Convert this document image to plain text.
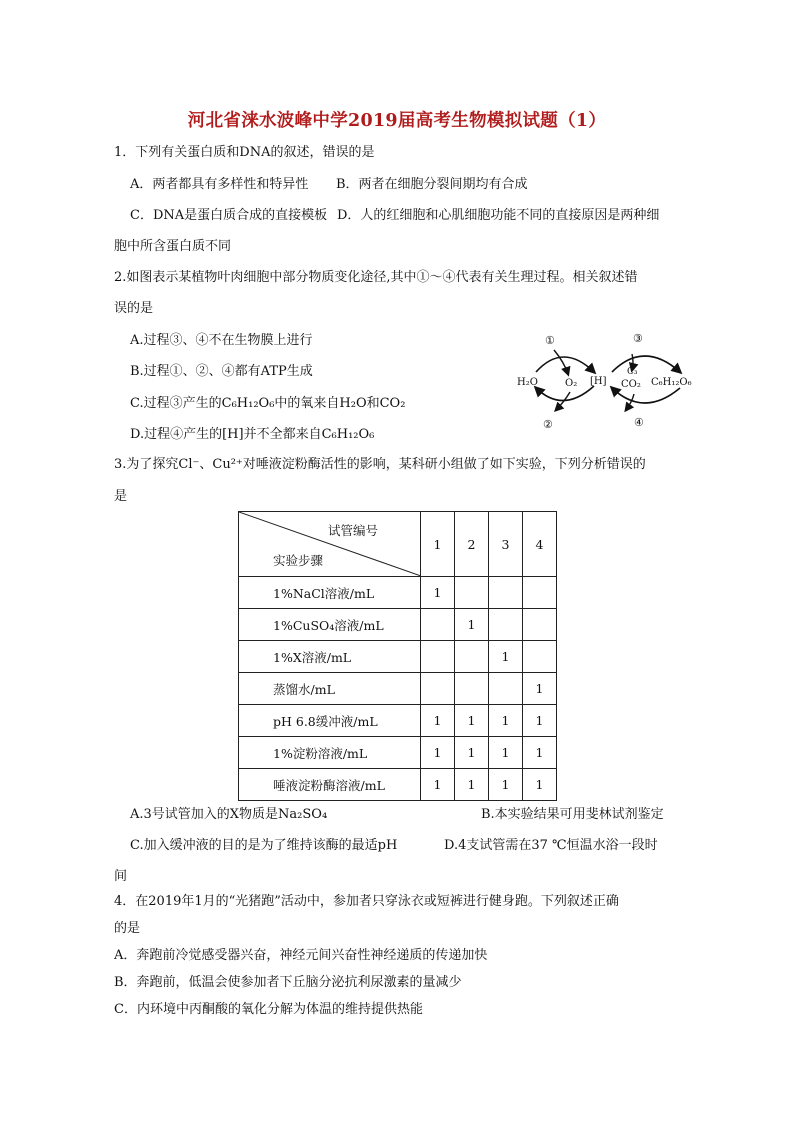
河北省涞水波峰中学2019届高考生物模拟试题（1）
1．下列有关蛋白质和DNA的叙述，错误的是
A．两者都具有多样性和特异性 B．两者在细胞分裂间期均有合成
C．DNA是蛋白质合成的直接模板 D．人的红细胞和心肌细胞功能不同的直接原因是两种细
胞中所含蛋白质不同
2.如图表示某植物叶肉细胞中部分物质变化途径,其中①～④代表有关生理过程。相关叙述错
误的是
A.过程③、④不在生物膜上进行
B.过程①、②、④都有ATP生成
C.过程③产生的C₆H₁₂O₆中的氧来自H₂O和CO₂
D.过程④产生的[H]并不全都来自C₆H₁₂O₆
①
②
③
④
H₂O	O₂ [H]
C₃
CO₂ C₆H₁₂O₆
3.为了探究Cl⁻、Cu²⁺对唾液淀粉酶活性的影响，某科研小组做了如下实验，下列分析错误的
是
试管编号
实验步骤	1	2	3	4
1%NaCl溶液/mL	1			
1%CuSO₄溶液/mL		1		
1%X溶液/mL			1	
蒸馏水/mL				1
pH 6.8缓冲液/mL	1	1	1	1
1%淀粉溶液/mL	1	1	1	1
唾液淀粉酶溶液/mL	1	1	1	1
A.3号试管加入的X物质是Na₂SO₄	B.本实验结果可用斐林试剂鉴定
C.加入缓冲液的目的是为了维持该酶的最适pH	D.4支试管需在37 ℃恒温水浴一段时
间
4．在2019年1月的“光猪跑”活动中，参加者只穿泳衣或短裤进行健身跑。下列叙述正确
的是
A．奔跑前冷觉感受器兴奋，神经元间兴奋性神经递质的传递加快
B．奔跑前，低温会使参加者下丘脑分泌抗利尿激素的量减少
C．内环境中丙酮酸的氧化分解为体温的维持提供热能
